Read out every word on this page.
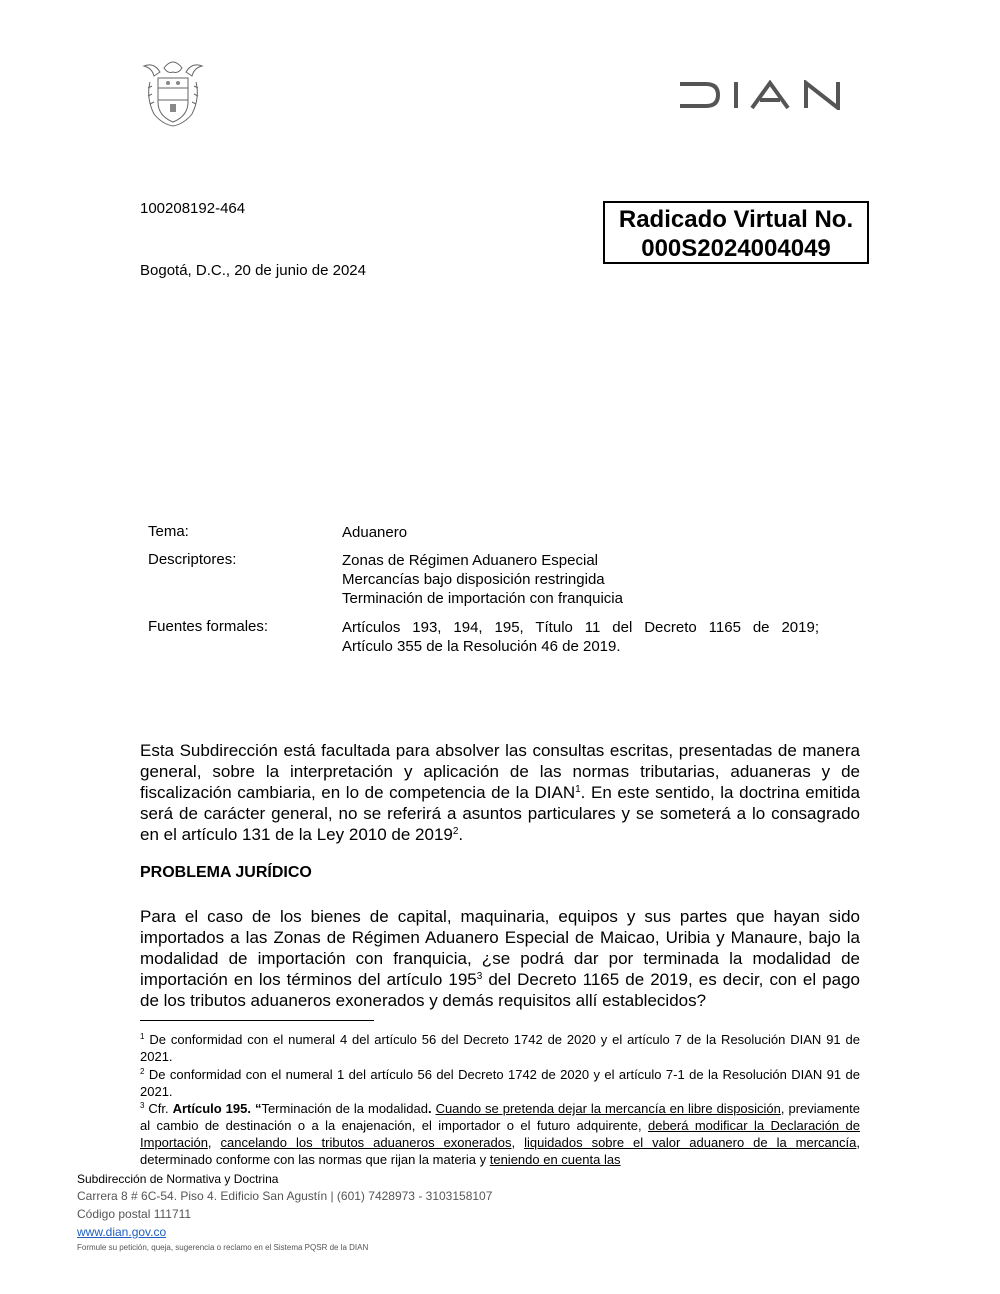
100208192-464	Radicado Virtual No.
000S2024004049
Bogotá, D.C., 20 de junio de 2024
Tema:	Aduanero
Descriptores:	Zonas de Régimen Aduanero Especial
Mercancías bajo disposición restringida
Terminación de importación con franquicia
Fuentes formales:	Artículos 193, 194, 195, Título 11 del Decreto 1165 de 2019;
Artículo 355 de la Resolución 46 de 2019.
Esta Subdirección está facultada para absolver las consultas escritas, presentadas de manera general, sobre la interpretación y aplicación de las normas tributarias, aduaneras y de fiscalización cambiaria, en lo de competencia de la DIAN$^1$. En este sentido, la doctrina emitida será de carácter general, no se referirá a asuntos particulares y se someterá a lo consagrado en el artículo 131 de la Ley 2010 de 2019$^2$.
PROBLEMA JURÍDICO
Para el caso de los bienes de capital, maquinaria, equipos y sus partes que hayan sido importados a las Zonas de Régimen Aduanero Especial de Maicao, Uribia y Manaure, bajo la modalidad de importación con franquicia, ¿se podrá dar por terminada la modalidad de importación en los términos del artículo $195^3$ del Decreto 1165 de 2019, es decir, con el pago de los tributos aduaneros exonerados y demás requisitos allí establecidos?
$^1$ De conformidad con el numeral 4 del artículo 56 del Decreto 1742 de 2020 y el artículo 7 de la Resolución DIAN 91 de 2021.
$^2$ De conformidad con el numeral 1 del artículo 56 del Decreto 1742 de 2020 y el artículo 7-1 de la Resolución DIAN 91 de 2021.
$^3$ Cfr. Artículo 195. “Terminación de la modalidad. Cuando se pretenda dejar la mercancía en libre disposición, previamente al cambio de destinación o a la enajenación, el importador o el futuro adquirente, deberá modificar la Declaración de Importación, cancelando los tributos aduaneros exonerados, liquidados sobre el valor aduanero de la mercancía, determinado conforme con las normas que rijan la materia y teniendo en cuenta las
Subdirección de Normativa y Doctrina
Carrera 8 # 6C-54. Piso 4. Edificio San Agustín | (601) 7428973 - 3103158107
Código postal 111711
www.dian.gov.co
Formule su petición, queja, sugerencia o reclamo en el Sistema PQSR de la DIAN
